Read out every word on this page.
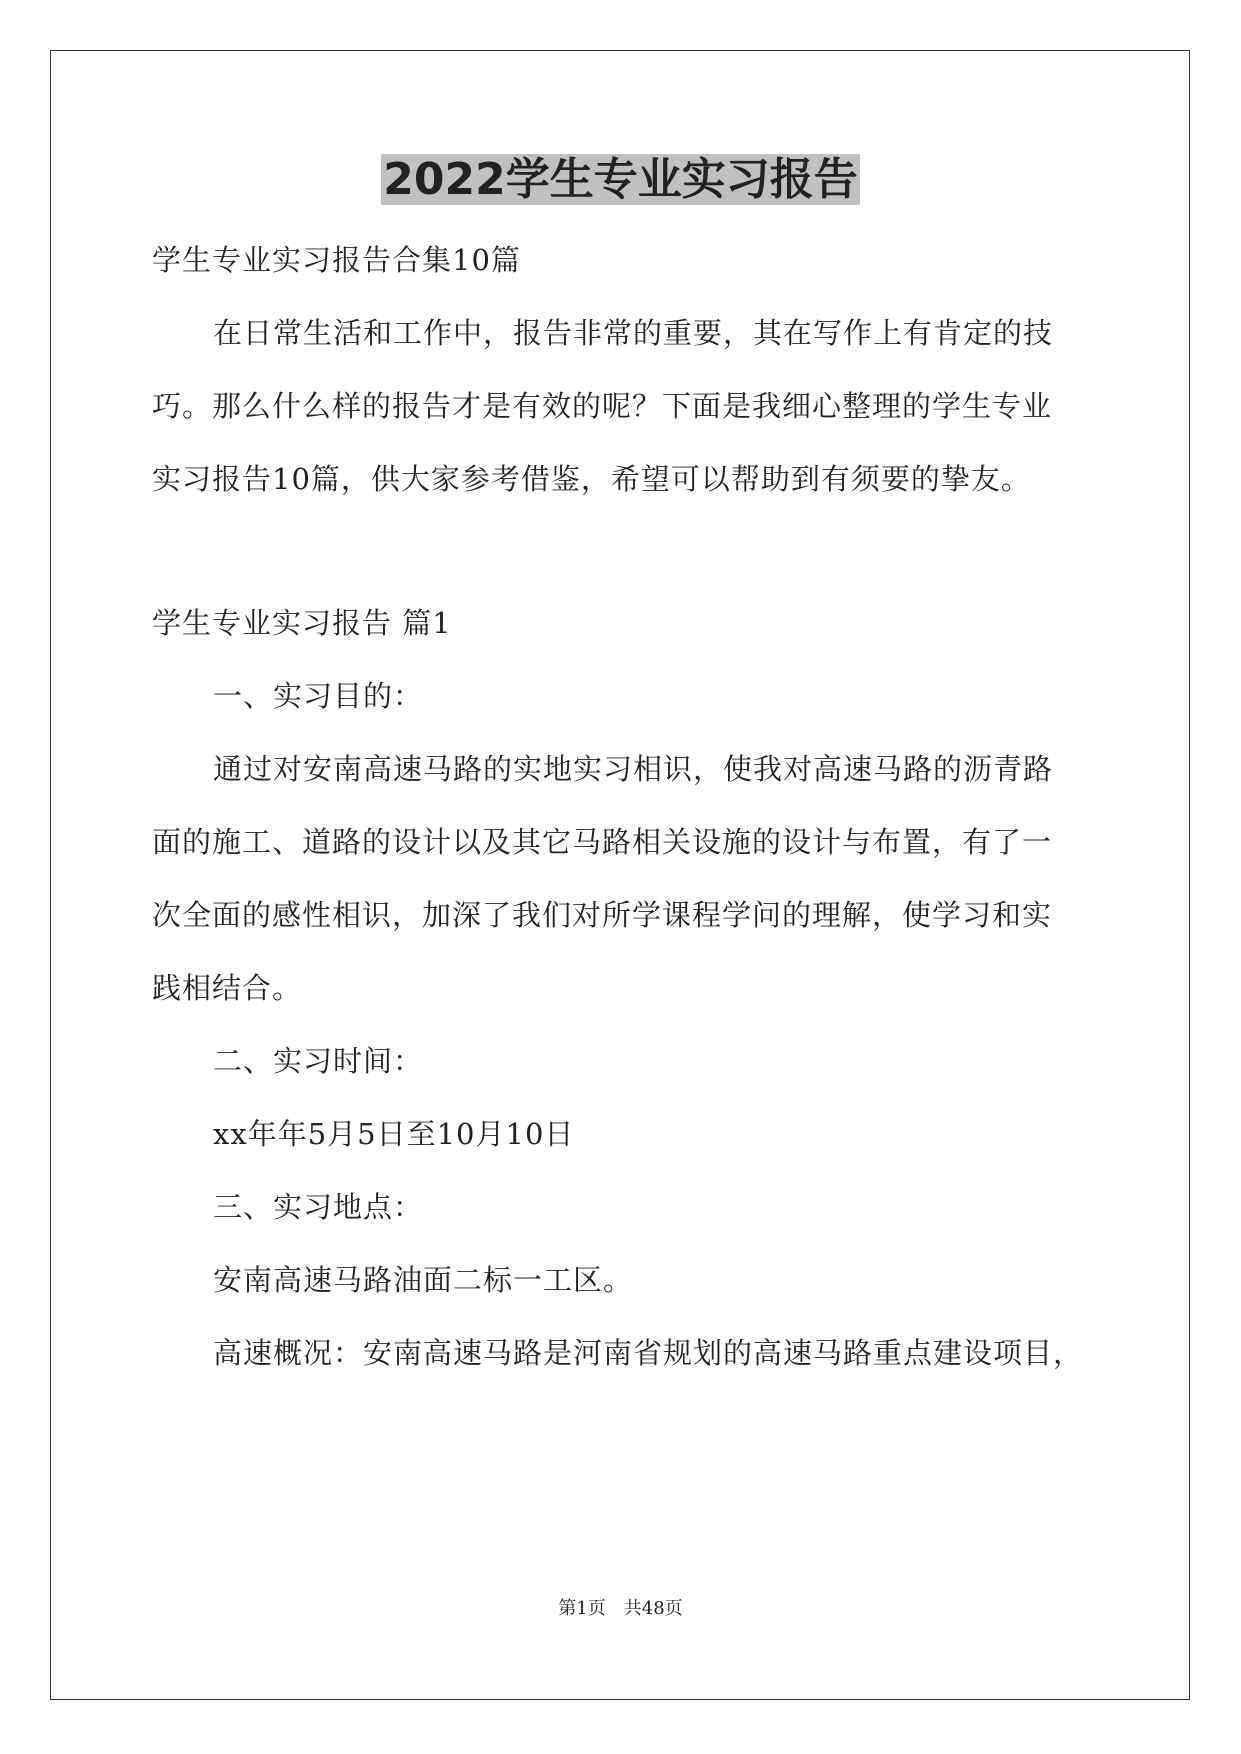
2022学生专业实习报告
学生专业实习报告合集10篇
在日常生活和工作中，报告非常的重要，其在写作上有肯定的技
巧。那么什么样的报告才是有效的呢？下面是我细心整理的学生专业
实习报告10篇，供大家参考借鉴，希望可以帮助到有须要的挚友。
学生专业实习报告 篇1
一、实习目的：
通过对安南高速马路的实地实习相识，使我对高速马路的沥青路
面的施工、道路的设计以及其它马路相关设施的设计与布置，有了一
次全面的感性相识，加深了我们对所学课程学问的理解，使学习和实
践相结合。
二、实习时间：
xx年年5月5日至10月10日
三、实习地点：
安南高速马路油面二标一工区。
高速概况：安南高速马路是河南省规划的高速马路重点建设项目，
第1页 共48页
